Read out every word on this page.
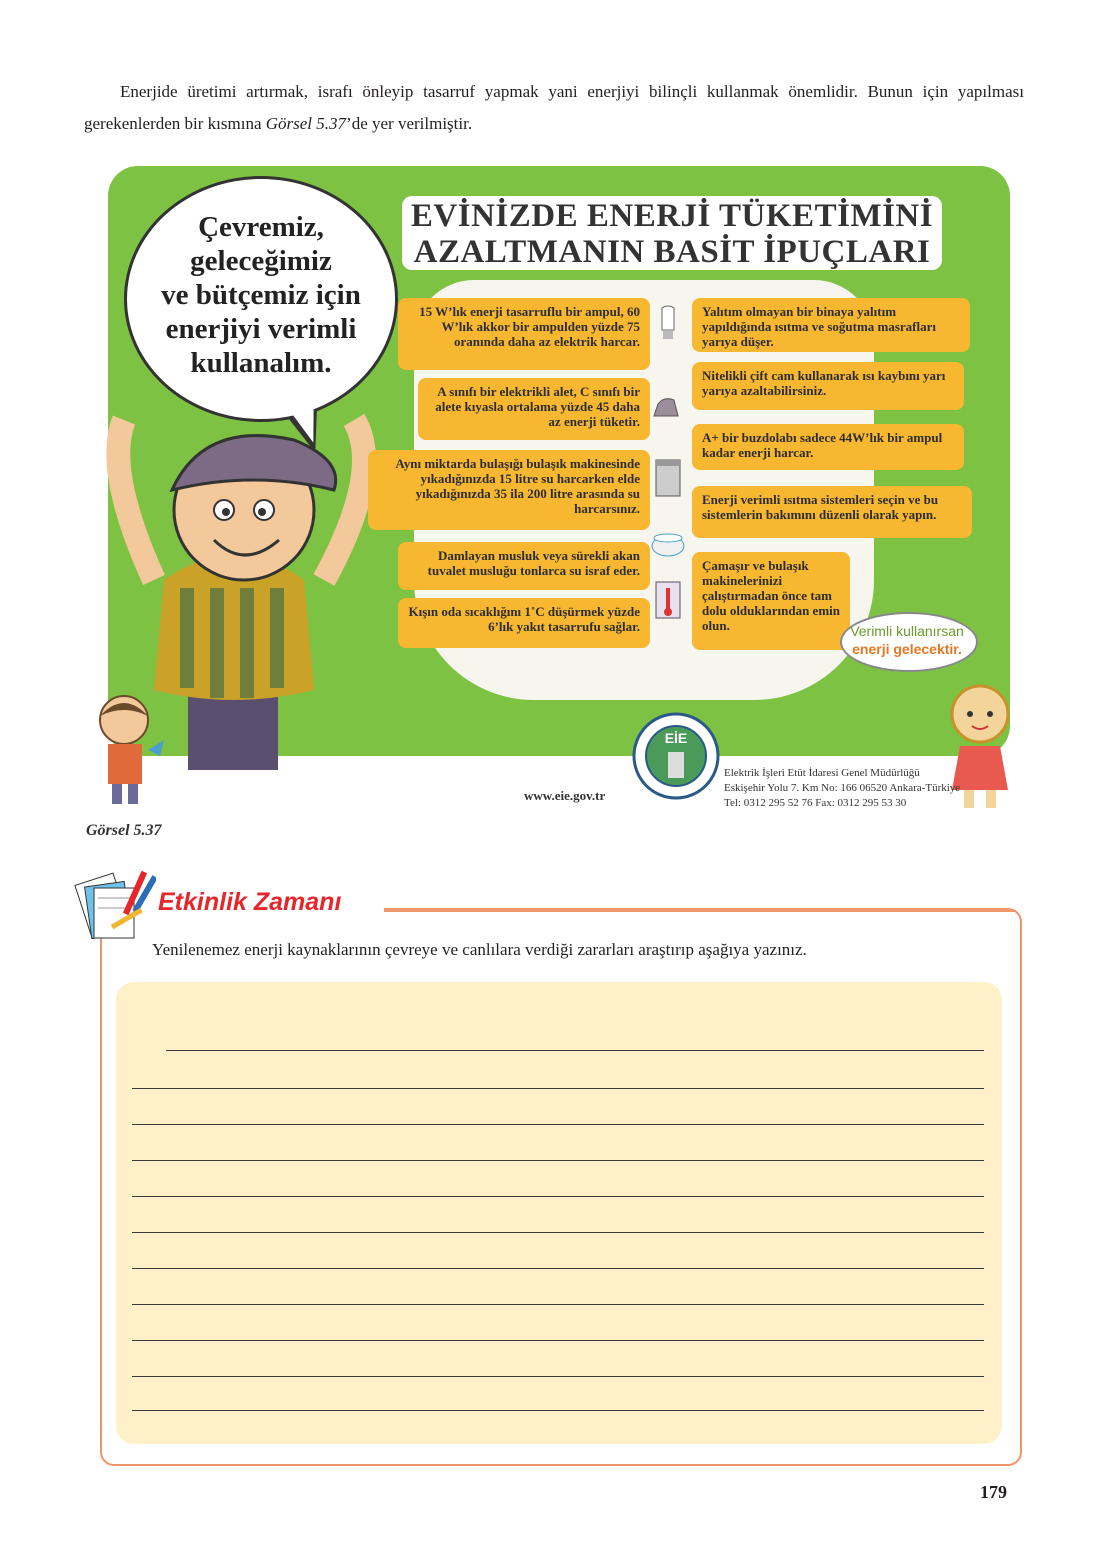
Enerjide üretimi artırmak, israfı önleyip tasarruf yapmak yani enerjiyi bilinçli kullanmak önemlidir. Bunun için yapılması gerekenlerden bir kısmına Görsel 5.37’de yer verilmiştir.

EVİNİZDE ENERJİ TÜKETİMİNİ
AZALTMANIN BASİT İPUÇLARI
Çevremiz,
geleceğimiz
ve bütçemiz için
enerjiyi verimli
kullanalım.
15 W’lık enerji tasarruflu bir ampul, 60 W’lık akkor bir ampulden yüzde 75 oranında daha az elektrik harcar.
A sınıfı bir elektrikli alet, C sınıfı bir alete kıyasla ortalama yüzde 45 daha az enerji tüketir.
Aynı miktarda bulaşığı bulaşık makinesinde yıkadığınızda 15 litre su harcarken elde yıkadığınızda 35 ila 200 litre arasında su harcarsınız.
Damlayan musluk veya sürekli akan tuvalet musluğu tonlarca su israf eder.
Kışın oda sıcaklığını 1˚C düşürmek yüzde 6’lık yakıt tasarrufu sağlar.
Yalıtım olmayan bir binaya yalıtım yapıldığında ısıtma ve soğutma masrafları yarıya düşer.
Nitelikli çift cam kullanarak ısı kaybını yarı yarıya azaltabilirsiniz.
A+ bir buzdolabı sadece 44W’lık bir ampul kadar enerji harcar.
Enerji verimli ısıtma sistemleri seçin ve bu sistemlerin bakımını düzenli olarak yapın.
Çamaşır ve bulaşık makinelerinizi çalıştırmadan önce tam dolu olduklarından emin olun.	Verimli kullanırsan
enerji gelecektir.
EİE
www.eie.gov.tr
Elektrik İşleri Etüt İdaresi Genel Müdürlüğü
Eskişehir Yolu 7. Km No: 166 06520 Ankara-Türkiye
Tel: 0312 295 52 76 Fax: 0312 295 53 30
Görsel 5.37
Etkinlik Zamanı
Yenilenemez enerji kaynaklarının çevreye ve canlılara verdiği zararları araştırıp aşağıya yazınız.
179
